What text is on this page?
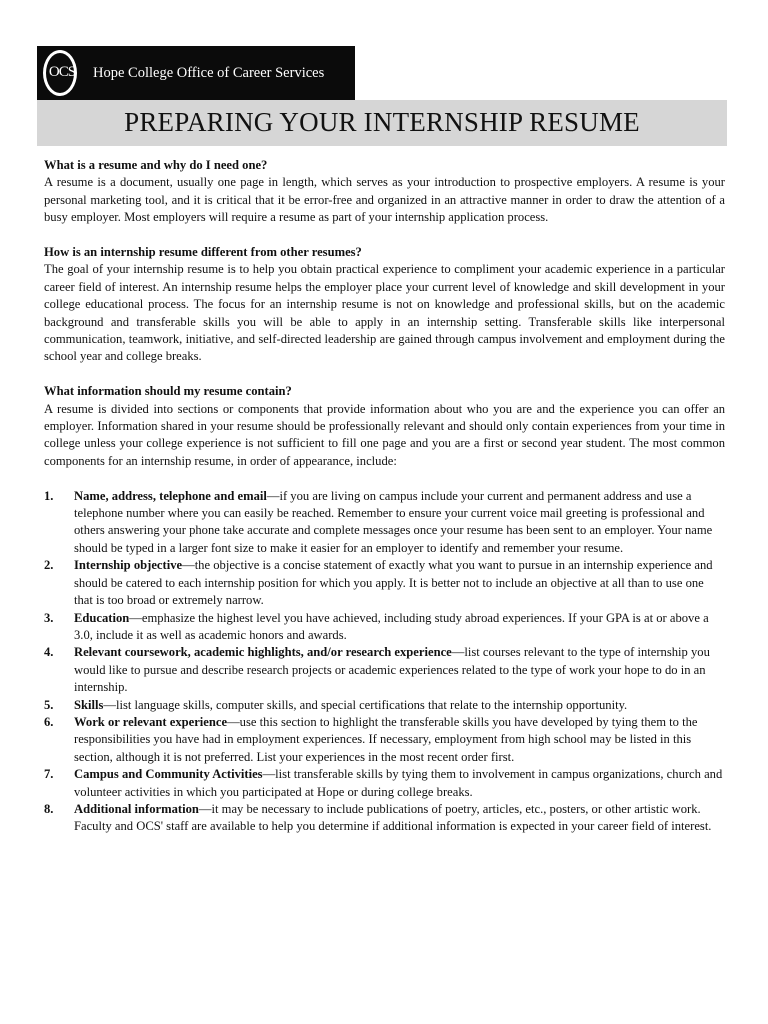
OCS Hope College Office of Career Services
PREPARING YOUR INTERNSHIP RESUME

What is a resume and why do I need one?

A resume is a document, usually one page in length, which serves as your introduction to prospective employers. A resume is your personal marketing tool, and it is critical that it be error-free and organized in an attractive manner in order to draw the attention of a busy employer. Most employers will require a resume as part of your internship application process.

How is an internship resume different from other resumes?

The goal of your internship resume is to help you obtain practical experience to compliment your academic experience in a particular career field of interest. An internship resume helps the employer place your current level of knowledge and skill development in your college educational process. The focus for an internship resume is not on knowledge and professional skills, but on the academic background and transferable skills you will be able to apply in an internship setting. Transferable skills like interpersonal communication, teamwork, initiative, and self-directed leadership are gained through campus involvement and employment during the school year and college breaks.

What information should my resume contain?

A resume is divided into sections or components that provide information about who you are and the experience you can offer an employer. Information shared in your resume should be professionally relevant and should only contain experiences from your time in college unless your college experience is not sufficient to fill one page and you are a first or second year student. The most common components for an internship resume, in order of appearance, include:

1. Name, address, telephone and email—if you are living on campus include your current and permanent address and use a telephone number where you can easily be reached. Remember to ensure your current voice mail greeting is professional and others answering your phone take accurate and complete messages once your resume has been sent to an employer. Your name should be typed in a larger font size to make it easier for an employer to identify and remember your resume.
2. Internship objective—the objective is a concise statement of exactly what you want to pursue in an internship experience and should be catered to each internship position for which you apply. It is better not to include an objective at all than to use one that is too broad or extremely narrow.
3. Education—emphasize the highest level you have achieved, including study abroad experiences. If your GPA is at or above a 3.0, include it as well as academic honors and awards.
4. Relevant coursework, academic highlights, and/or research experience—list courses relevant to the type of internship you would like to pursue and describe research projects or academic experiences related to the type of work your hope to do in an internship.
5. Skills—list language skills, computer skills, and special certifications that relate to the internship opportunity.
6. Work or relevant experience—use this section to highlight the transferable skills you have developed by tying them to the responsibilities you have had in employment experiences. If necessary, employment from high school may be listed in this section, although it is not preferred. List your experiences in the most recent order first.
7. Campus and Community Activities—list transferable skills by tying them to involvement in campus organizations, church and volunteer activities in which you participated at Hope or during college breaks.
8. Additional information—it may be necessary to include publications of poetry, articles, etc., posters, or other artistic work. Faculty and OCS' staff are available to help you determine if additional information is expected in your career field of interest.
